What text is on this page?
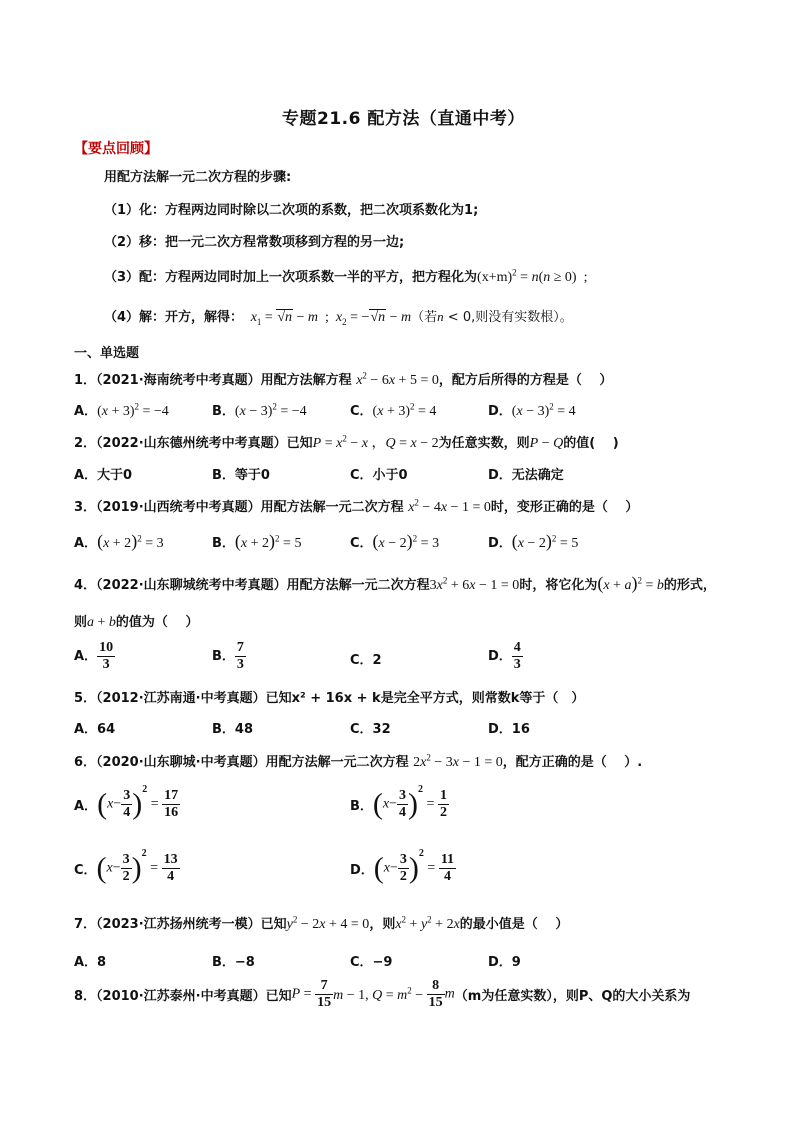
专题21.6 配方法（直通中考）
【要点回顾】
用配方法解一元二次方程的步骤:
（1）化：方程两边同时除以二次项的系数，把二次项系数化为1;
（2）移：把一元二次方程常数项移到方程的另一边;
（3）配：方程两边同时加上一次项系数一半的平方，把方程化为$(x+m)^2 = n(n \ge 0)$  ;
（4）解：开方，解得： $x_1 = √n - m$  ;  $x_2 = -√n - m$（若n < 0,则没有实数根）。
一、单选题
1．（2021·海南统考中考真题）用配方法解方程 $x^2 - 6x + 5 = 0$，配方后所得的方程是（　 ）
A．$(x + 3)^2 = -4$	B．$(x - 3)^2 = -4$	C．$(x + 3)^2 = 4$	D．$(x - 3)^2 = 4$
2．（2022·山东德州统考中考真题）已知$P = x^2 - x$ ，Q = x − 2为任意实数，则P − Q的值(　 )
A．大于0	B．等于0	C．小于0	D．无法确定
3．（2019·山西统考中考真题）用配方法解一元二次方程 $x^2 - 4x - 1 = 0$时，变形正确的是（　 ）
A．$(x + 2)^2 = 3$	B．$(x + 2)^2 = 5$	C．$(x - 2)^2 = 3$	D．$(x - 2)^2 = 5$
4．（2022·山东聊城统考中考真题）用配方法解一元二次方程$3x^2 + 6x - 1 = 0$时，将它化为$(x + a)^2 = b$的形式，
则a + b的值为（　 ）
A． $\frac{10}{3}$	B． $\frac{7}{3}$	C．2	D． $\frac{4}{3}$
5．（2012·江苏南通·中考真题）已知x² + 16x + k是完全平方式，则常数k等于（　）
A．64	B．48	C．32	D．16
6．（2020·山东聊城·中考真题）用配方法解一元二次方程 $2x^2 - 3x - 1 = 0$，配方正确的是（　 ）.
A．$(x- \frac{3}{4} )^2 = \frac{17}{16}$	B．$(x- \frac{3}{4} )^2 = \frac{1}{2}$
C．$(x- \frac{3}{2} )^2 = \frac{13}{4}$	D．$(x- \frac{3}{2} )^2 = \frac{11}{4}$
7．（2023·江苏扬州统考一模）已知$y^2 - 2x + 4 = 0$，则$x^2 + y^2 + 2x$的最小值是（　 ）
A．8	B．−8	C．−9	D．9
8．（2010·江苏泰州·中考真题）已知$P = \frac{7}{15}$ m − 1, $Q = m^2 - \frac{8}{15} m(m$为任意实数），则P、Q的大小关系为
